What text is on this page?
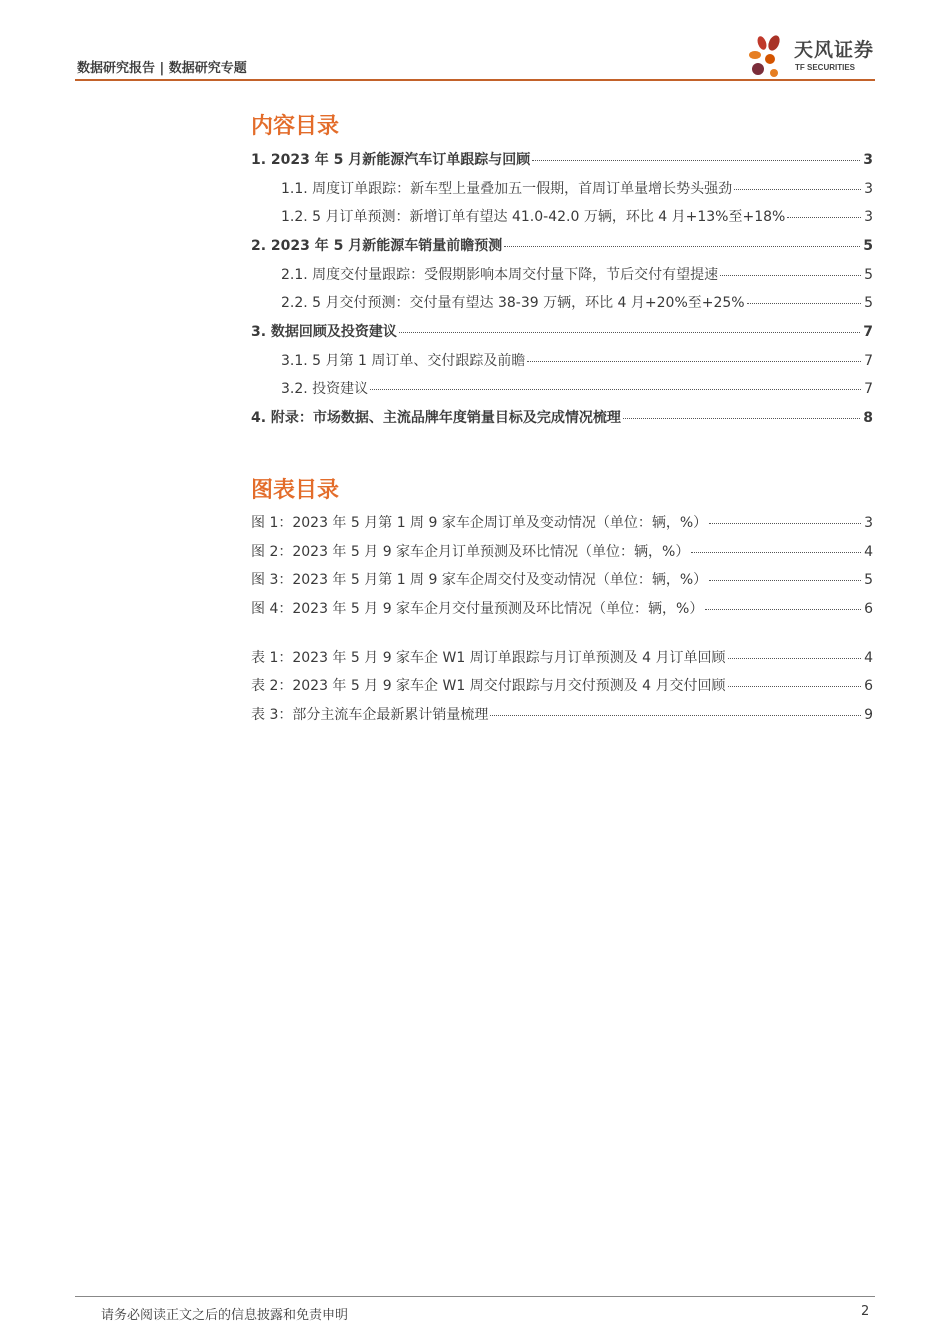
数据研究报告 | 数据研究专题
天风证券
TF SECURITIES
内容目录
1. 2023 年 5 月新能源汽车订单跟踪与回顾	3
1.1. 周度订单跟踪：新车型上量叠加五一假期，首周订单量增长势头强劲	3
1.2. 5 月订单预测：新增订单有望达 41.0-42.0 万辆，环比 4 月+13%至+18%	3
2. 2023 年 5 月新能源车销量前瞻预测	5
2.1. 周度交付量跟踪：受假期影响本周交付量下降，节后交付有望提速	5
2.2. 5 月交付预测：交付量有望达 38-39 万辆，环比 4 月+20%至+25%	5
3. 数据回顾及投资建议	7
3.1. 5 月第 1 周订单、交付跟踪及前瞻	7
3.2. 投资建议	7
4. 附录：市场数据、主流品牌年度销量目标及完成情况梳理	8
图表目录
图 1：2023 年 5 月第 1 周 9 家车企周订单及变动情况（单位：辆，%）	3
图 2：2023 年 5 月 9 家车企月订单预测及环比情况（单位：辆，%）	4
图 3：2023 年 5 月第 1 周 9 家车企周交付及变动情况（单位：辆，%）	5
图 4：2023 年 5 月 9 家车企月交付量预测及环比情况（单位：辆，%）	6
表 1：2023 年 5 月 9 家车企 W1 周订单跟踪与月订单预测及 4 月订单回顾	4
表 2：2023 年 5 月 9 家车企 W1 周交付跟踪与月交付预测及 4 月交付回顾	6
表 3：部分主流车企最新累计销量梳理	9
请务必阅读正文之后的信息披露和免责申明	2
